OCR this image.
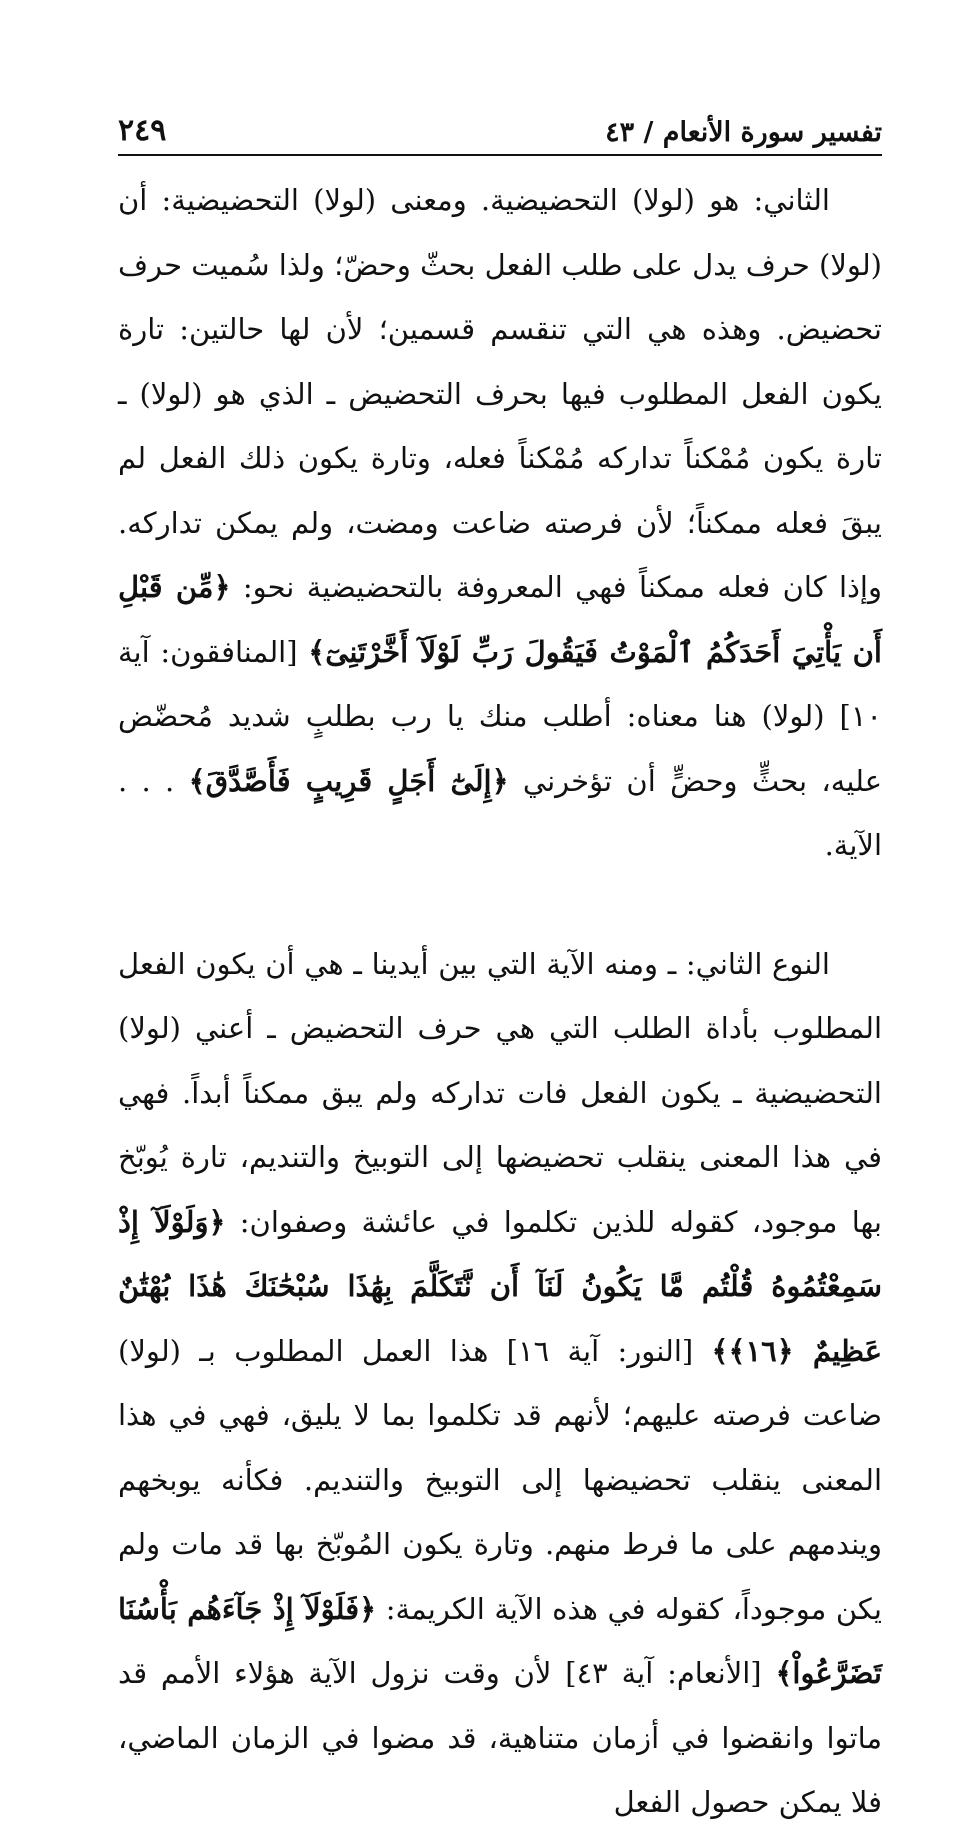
تفسير سورة الأنعام / ٤٣
٢٤٩

الثاني: هو (لولا) التحضيضية. ومعنى (لولا) التحضيضية: أن (لولا) حرف يدل على طلب الفعل بحثّ وحضّ؛ ولذا سُميت حرف تحضيض. وهذه هي التي تنقسم قسمين؛ لأن لها حالتين: تارة يكون الفعل المطلوب فيها بحرف التحضيض ـ الذي هو (لولا) ـ تارة يكون مُمْكناً تداركه مُمْكناً فعله، وتارة يكون ذلك الفعل لم يبقَ فعله ممكناً؛ لأن فرصته ضاعت ومضت، ولم يمكن تداركه. وإذا كان فعله ممكناً فهي المعروفة بالتحضيضية نحو: ﴿مِّن قَبْلِ أَن يَأْتِيَ أَحَدَكُمُ ٱلْمَوْتُ فَيَقُولَ رَبِّ لَوْلَآ أَخَّرْتَنِىٓ﴾ [المنافقون: آية ١٠] (لولا) هنا معناه: أطلب منك يا رب بطلبٍ شديد مُحضّض عليه، بحثٍّ وحضٍّ أن تؤخرني ﴿إِلَىٰٓ أَجَلٍ قَرِيبٍ فَأَصَّدَّقَ﴾ . . . الآية.

النوع الثاني: ـ ومنه الآية التي بين أيدينا ـ هي أن يكون الفعل المطلوب بأداة الطلب التي هي حرف التحضيض ـ أعني (لولا) التحضيضية ـ يكون الفعل فات تداركه ولم يبق ممكناً أبداً. فهي في هذا المعنى ينقلب تحضيضها إلى التوبيخ والتنديم، تارة يُوبّخ بها موجود، كقوله للذين تكلموا في عائشة وصفوان: ﴿وَلَوْلَآ إِذْ سَمِعْتُمُوهُ قُلْتُم مَّا يَكُونُ لَنَآ أَن نَّتَكَلَّمَ بِهَٰذَا سُبْحَٰنَكَ هَٰذَا بُهْتَٰنٌ عَظِيمٌ ﴿١٦﴾﴾ [النور: آية ١٦] هذا العمل المطلوب بـ (لولا) ضاعت فرصته عليهم؛ لأنهم قد تكلموا بما لا يليق، فهي في هذا المعنى ينقلب تحضيضها إلى التوبيخ والتنديم. فكأنه يوبخهم ويندمهم على ما فرط منهم. وتارة يكون المُوبّخ بها قد مات ولم يكن موجوداً، كقوله في هذه الآية الكريمة: ﴿فَلَوْلَآ إِذْ جَآءَهُم بَأْسُنَا تَضَرَّعُواْ﴾ [الأنعام: آية ٤٣] لأن وقت نزول الآية هؤلاء الأمم قد ماتوا وانقضوا في أزمان متناهية، قد مضوا في الزمان الماضي، فلا يمكن حصول الفعل
